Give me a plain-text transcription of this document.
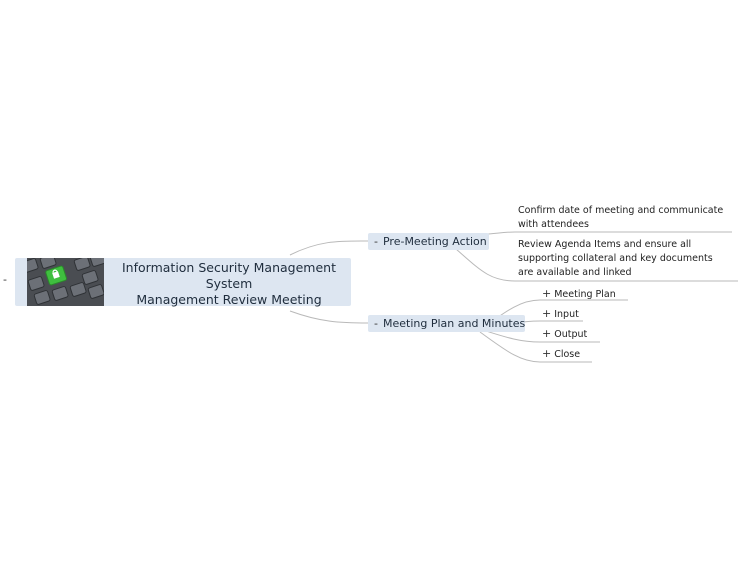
-
Information Security Management System
Management Review Meeting
- Pre-Meeting Action
Confirm date of meeting and communicate with attendees
Review Agenda Items and ensure all supporting collateral and key documents are available and linked
- Meeting Plan and Minutes
+ Meeting Plan
+ Input
+ Output
+ Close
